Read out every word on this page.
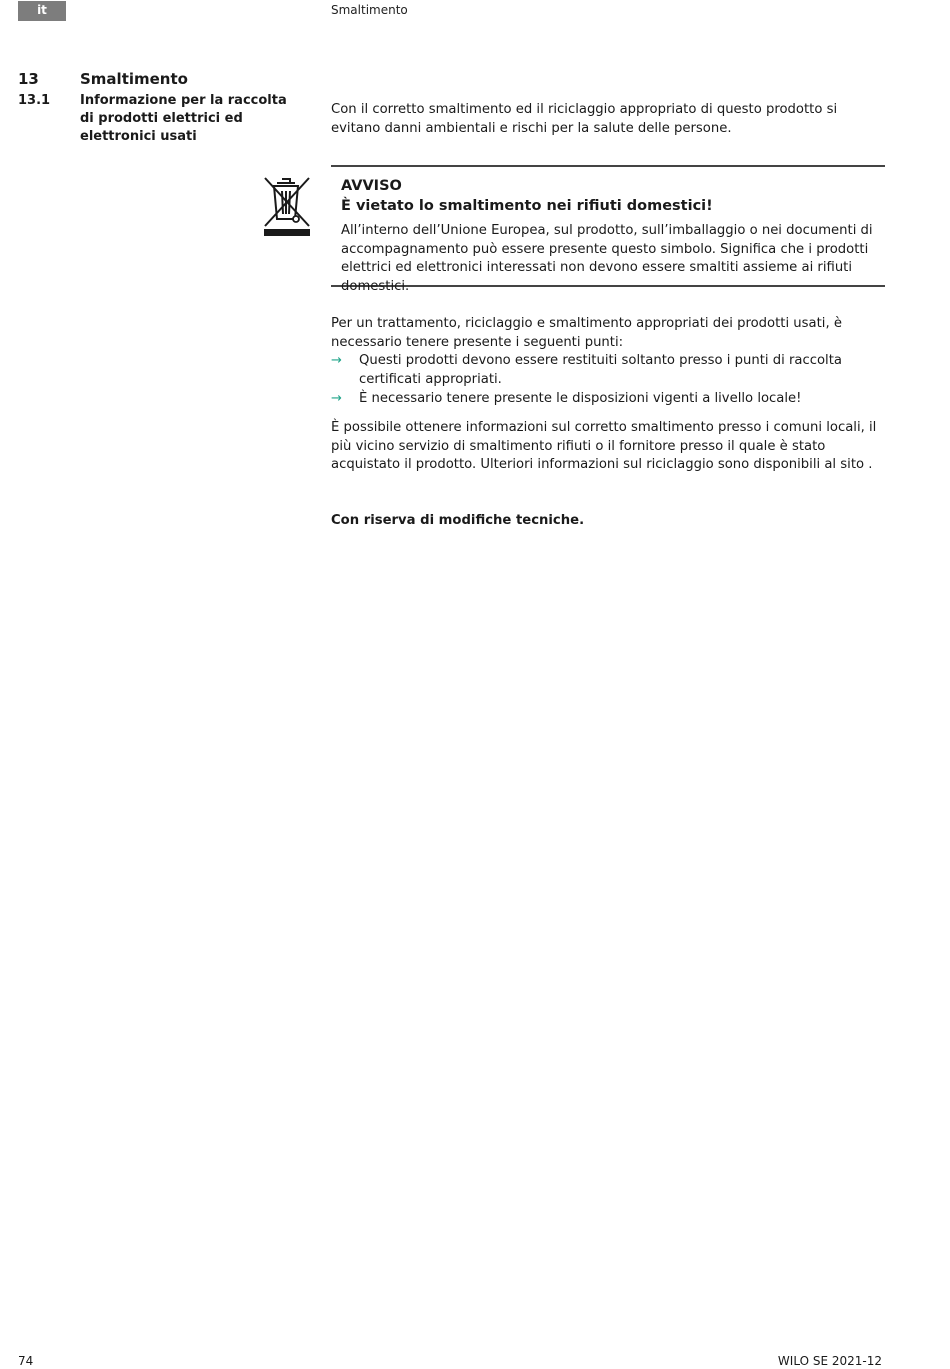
it	Smaltimento
13	Smaltimento
13.1 Informazione per la raccolta di prodotti elettrici ed elettronici usati
Con il corretto smaltimento ed il riciclaggio appropriato di questo prodotto si evitano danni ambientali e rischi per la salute delle persone.
AVVISO
È vietato lo smaltimento nei rifiuti domestici!
All’interno dell’Unione Europea, sul prodotto, sull’imballaggio o nei documenti di accompagnamento può essere presente questo simbolo. Significa che i prodotti elettrici ed elettronici interessati non devono essere smaltiti assieme ai rifiuti domestici.
Per un trattamento, riciclaggio e smaltimento appropriati dei prodotti usati, è necessario tenere presente i seguenti punti:
→ Questi prodotti devono essere restituiti soltanto presso i punti di raccolta certificati appropriati.
→ È necessario tenere presente le disposizioni vigenti a livello locale!
È possibile ottenere informazioni sul corretto smaltimento presso i comuni locali, il più vicino servizio di smaltimento rifiuti o il fornitore presso il quale è stato acquistato il prodotto. Ulteriori informazioni sul riciclaggio sono disponibili al sito .
Con riserva di modifiche tecniche.
74	WILO SE 2021-12
